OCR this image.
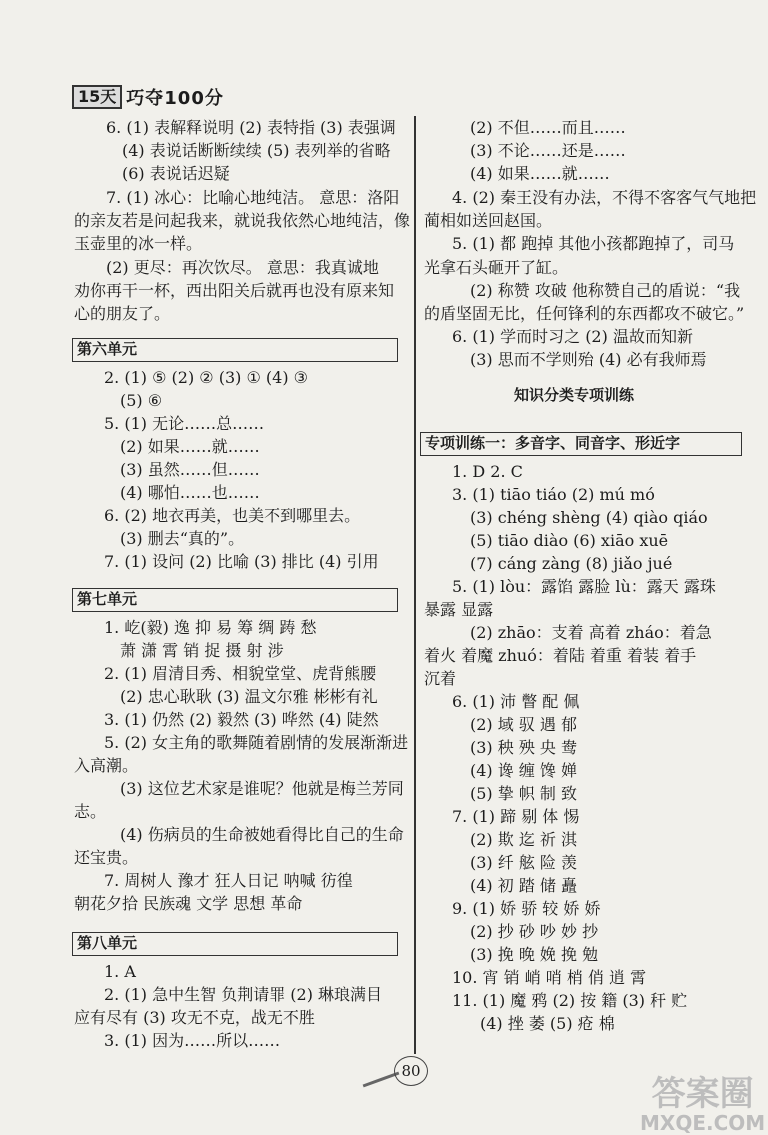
15天 巧夺100分
6. (1) 表解释说明 (2) 表特指 (3) 表强调
(4) 表说话断断续续 (5) 表列举的省略
(6) 表说话迟疑
7. (1) 冰心：比喻心地纯洁。 意思：洛阳
的亲友若是问起我来，就说我依然心地纯洁，像
玉壶里的冰一样。
(2) 更尽：再次饮尽。 意思：我真诚地
劝你再干一杯，西出阳关后就再也没有原来知
心的朋友了。
第六单元
2. (1) ⑤ (2) ② (3) ① (4) ③
(5) ⑥
5. (1) 无论……总……
(2) 如果……就……
(3) 虽然……但……
(4) 哪怕……也……
6. (2) 地衣再美，也美不到哪里去。
(3) 删去“真的”。
7. (1) 设问 (2) 比喻 (3) 排比 (4) 引用
第七单元
1. 屹(毅) 逸 抑 易 筹 绸 踌 愁
萧 潇 霄 销 捉 摄 射 涉
2. (1) 眉清目秀、相貌堂堂、虎背熊腰
(2) 忠心耿耿 (3) 温文尔雅 彬彬有礼
3. (1) 仍然 (2) 毅然 (3) 哗然 (4) 陡然
5. (2) 女主角的歌舞随着剧情的发展渐渐进
入高潮。
(3) 这位艺术家是谁呢？他就是梅兰芳同
志。
(4) 伤病员的生命被她看得比自己的生命
还宝贵。
7. 周树人 豫才 狂人日记 呐喊 彷徨
朝花夕拾 民族魂 文学 思想 革命
第八单元
1. A
2. (1) 急中生智 负荆请罪 (2) 琳琅满目
应有尽有 (3) 攻无不克，战无不胜
3. (1) 因为……所以……
(2) 不但……而且……
(3) 不论……还是……
(4) 如果……就……
4. (2) 秦王没有办法，不得不客客气气地把
蔺相如送回赵国。
5. (1) 都 跑掉 其他小孩都跑掉了，司马
光拿石头砸开了缸。
(2) 称赞 攻破 他称赞自己的盾说：“我
的盾坚固无比，任何锋利的东西都攻不破它。”
6. (1) 学而时习之 (2) 温故而知新
(3) 思而不学则殆 (4) 必有我师焉
知识分类专项训练
专项训练一：多音字、同音字、形近字
1. D 2. C
3. (1) tiāo tiáo (2) mú mó
(3) chéng shèng (4) qiào qiáo
(5) tiāo diào (6) xiāo xuē
(7) cáng zàng (8) jiǎo jué
5. (1) lòu：露馅 露脸 lù：露天 露珠
暴露 显露
(2) zhāo：支着 高着 zháo：着急
着火 着魔 zhuó：着陆 着重 着装 着手
沉着
6. (1) 沛 瞥 配 佩
(2) 域 驭 遇 郁
(3) 秧 殃 央 鸯
(4) 谗 缠 馋 婵
(5) 挚 帜 制 致
7. (1) 蹄 剔 体 惕
(2) 欺 迄 祈 淇
(3) 纤 舷 险 羡
(4) 初 踏 储 矗
9. (1) 娇 骄 较 娇 娇
(2) 抄 砂 吵 妙 抄
(3) 挽 晚 娩 挽 勉
10. 宵 销 峭 哨 梢 俏 逍 霄
11. (1) 魔 鸦 (2) 按 籍 (3) 秆 贮
(4) 挫 萎 (5) 疮 棉
80
答案圈
MXQE.COM
